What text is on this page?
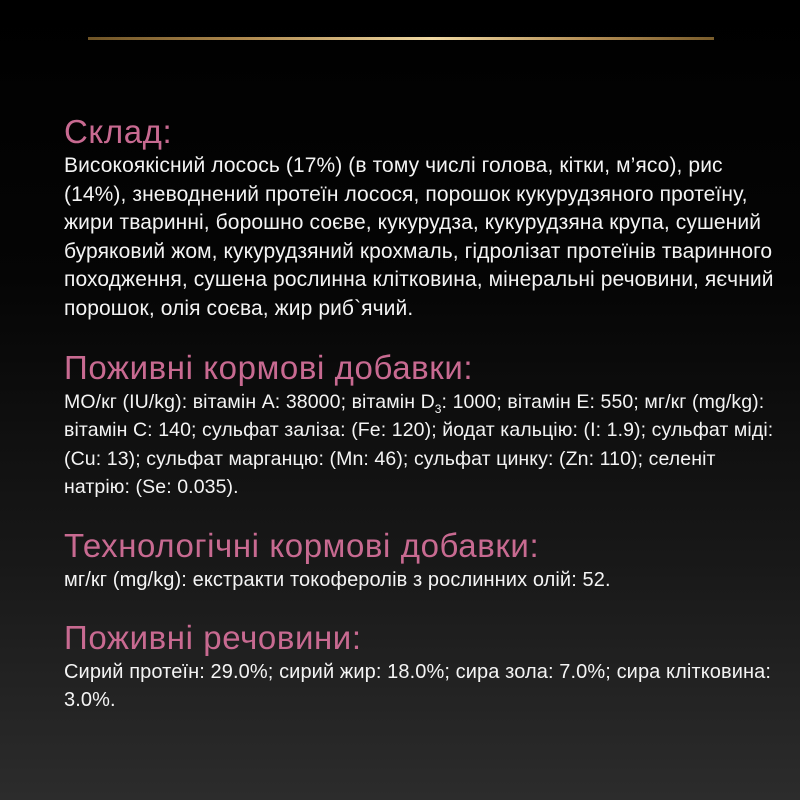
Склад:

Високоякісний лосось (17%) (в тому числі голова, кітки, м’ясо), рис (14%), зневоднений протеїн лосося, порошок кукурудзяного протеїну, жири тваринні, борошно соєве, кукурудза, кукурудзяна крупа, сушений буряковий жом, кукурудзяний крохмаль, гідролізат протеїнів тваринного походження, сушена рослинна клітковина, мінеральні речовини, яєчний порошок, олія соєва, жир риб`ячий.

Поживні кормові добавки:

МО/кг (IU/kg): вітамін А: 38000; вітамін $D_3$: 1000; вітамін Е: 550; мг/кг (mg/kg): вітамін С: 140; сульфат заліза: (Fe: 120); йодат кальцію: (I: 1.9); сульфат міді: (Cu: 13); сульфат марганцю: (Mn: 46); сульфат цинку: (Zn: 110); селеніт натрію: (Se: 0.035).

Технологічні кормові добавки:

мг/кг (mg/kg): екстракти токоферолів з рослинних олій: 52.

Поживні речовини:

Сирий протеїн: 29.0%; сирий жир: 18.0%; сира зола: 7.0%; сира клітковина: 3.0%.
